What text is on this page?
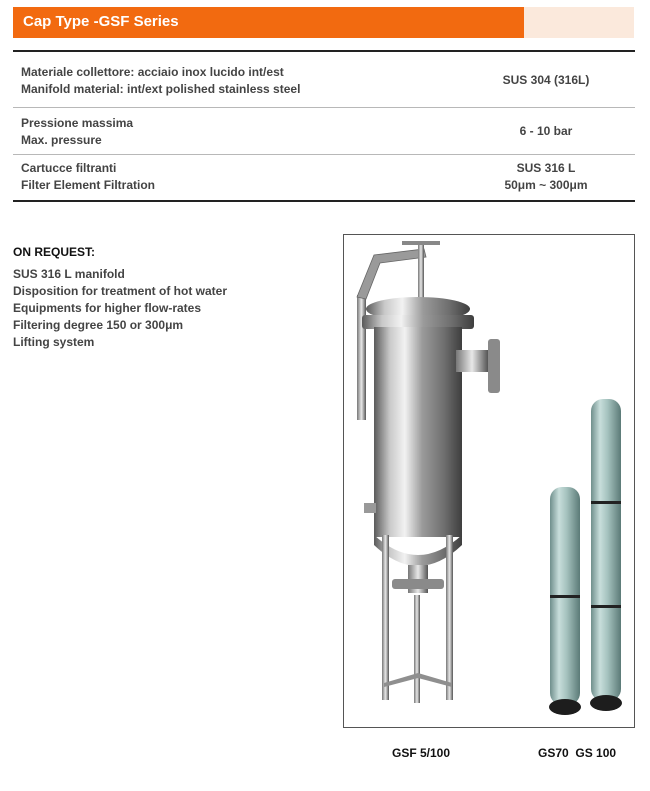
Cap Type -GSF Series
Materiale collettore: acciaio inox lucido int/est
Manifold material: int/ext polished stainless steel
SUS 304 (316L)
Pressione massima
Max. pressure
6 - 10 bar
Cartucce filtranti
Filter Element Filtration
SUS 316 L
50μm ~ 300μm
ON REQUEST:
SUS 316 L manifold
Disposition for treatment of hot water
Equipments for higher flow-rates
Filtering degree 150 or 300μm
Lifting system
GSF 5/100	GS70  GS 100
